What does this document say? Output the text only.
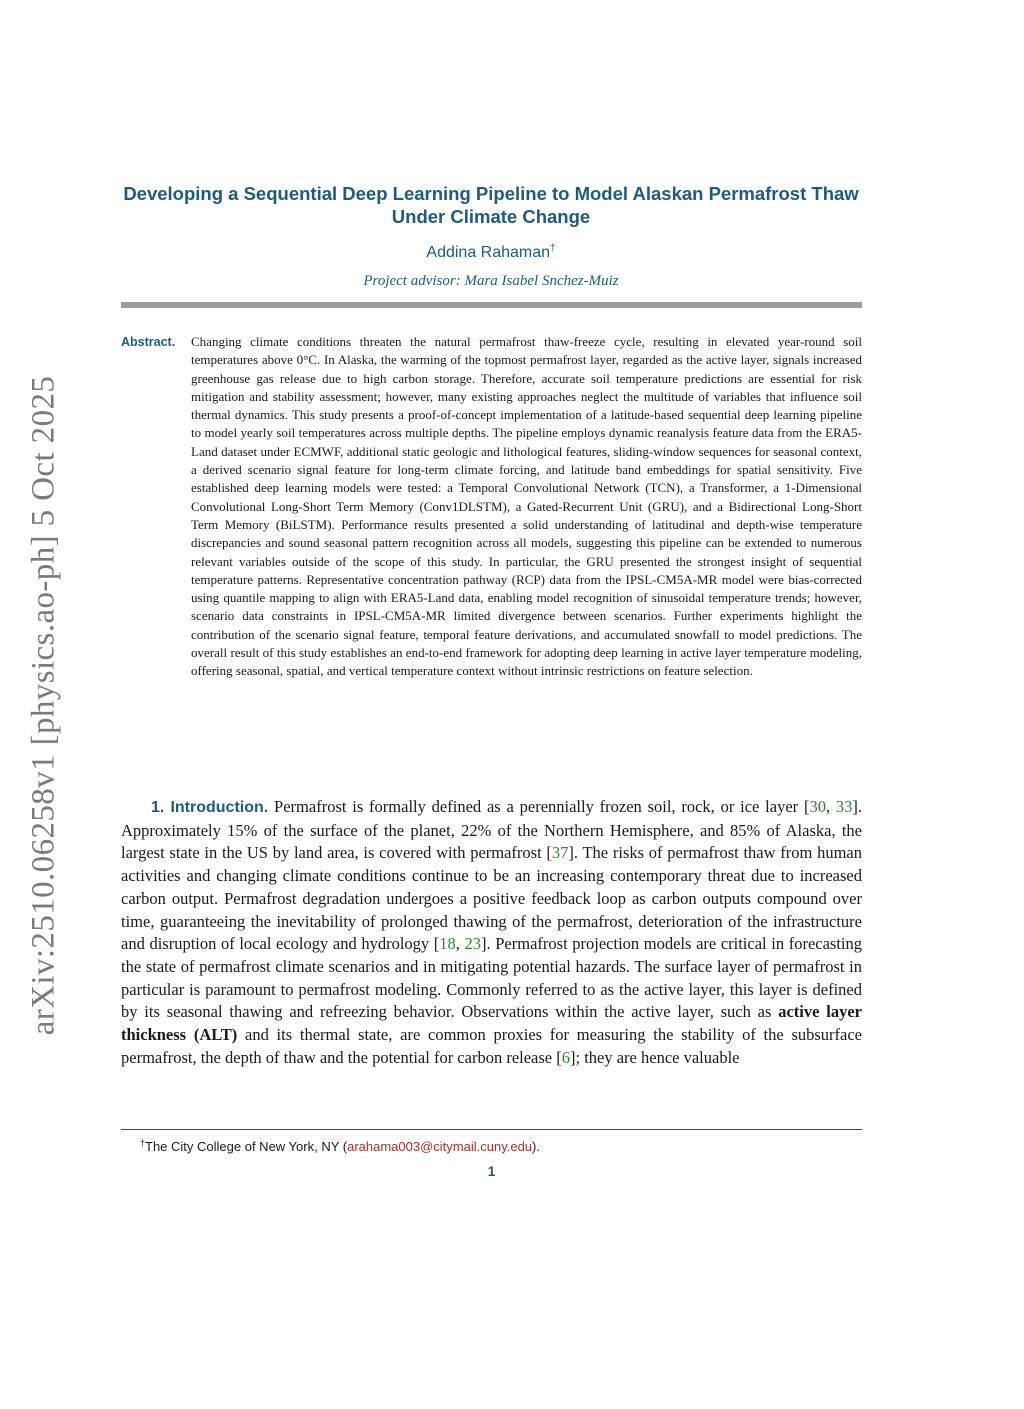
arXiv:2510.06258v1 [physics.ao-ph] 5 Oct 2025
Developing a Sequential Deep Learning Pipeline to Model Alaskan Permafrost Thaw Under Climate Change
Addina Rahaman†
Project advisor: Mara Isabel Snchez-Muiz
Abstract. Changing climate conditions threaten the natural permafrost thaw-freeze cycle, resulting in elevated year-round soil temperatures above 0°C. In Alaska, the warming of the topmost permafrost layer, regarded as the active layer, signals increased greenhouse gas release due to high carbon storage. Therefore, accurate soil temperature predictions are essential for risk mitigation and stability assessment; however, many existing approaches neglect the multitude of variables that influence soil thermal dynamics. This study presents a proof-of-concept implementation of a latitude-based sequential deep learning pipeline to model yearly soil temperatures across multiple depths. The pipeline employs dynamic reanalysis feature data from the ERA5-Land dataset under ECMWF, additional static geologic and lithological features, sliding-window sequences for seasonal context, a derived scenario signal feature for long-term climate forcing, and latitude band embeddings for spatial sensitivity. Five established deep learning models were tested: a Temporal Convolutional Network (TCN), a Transformer, a 1-Dimensional Convolutional Long-Short Term Memory (Conv1DLSTM), a Gated-Recurrent Unit (GRU), and a Bidirectional Long-Short Term Memory (BiLSTM). Performance results presented a solid understanding of latitudinal and depth-wise temperature discrepancies and sound seasonal pattern recognition across all models, suggesting this pipeline can be extended to numerous relevant variables outside of the scope of this study. In particular, the GRU presented the strongest insight of sequential temperature patterns. Representative concentration pathway (RCP) data from the IPSL-CM5A-MR model were bias-corrected using quantile mapping to align with ERA5-Land data, enabling model recognition of sinusoidal temperature trends; however, scenario data constraints in IPSL-CM5A-MR limited divergence between scenarios. Further experiments highlight the contribution of the scenario signal feature, temporal feature derivations, and accumulated snowfall to model predictions. The overall result of this study establishes an end-to-end framework for adopting deep learning in active layer temperature modeling, offering seasonal, spatial, and vertical temperature context without intrinsic restrictions on feature selection.
1. Introduction. Permafrost is formally defined as a perennially frozen soil, rock, or ice layer [30, 33]. Approximately 15% of the surface of the planet, 22% of the Northern Hemisphere, and 85% of Alaska, the largest state in the US by land area, is covered with permafrost [37]. The risks of permafrost thaw from human activities and changing climate conditions continue to be an increasing contemporary threat due to increased carbon output. Permafrost degradation undergoes a positive feedback loop as carbon outputs compound over time, guaranteeing the inevitability of prolonged thawing of the permafrost, deterioration of the infrastructure and disruption of local ecology and hydrology [18, 23]. Permafrost projection models are critical in forecasting the state of permafrost climate scenarios and in mitigating potential hazards. The surface layer of permafrost in particular is paramount to permafrost modeling. Commonly referred to as the active layer, this layer is defined by its seasonal thawing and refreezing behavior. Observations within the active layer, such as active layer thickness (ALT) and its thermal state, are common proxies for measuring the stability of the subsurface permafrost, the depth of thaw and the potential for carbon release [6]; they are hence valuable
†The City College of New York, NY (arahama003@citymail.cuny.edu).
1
